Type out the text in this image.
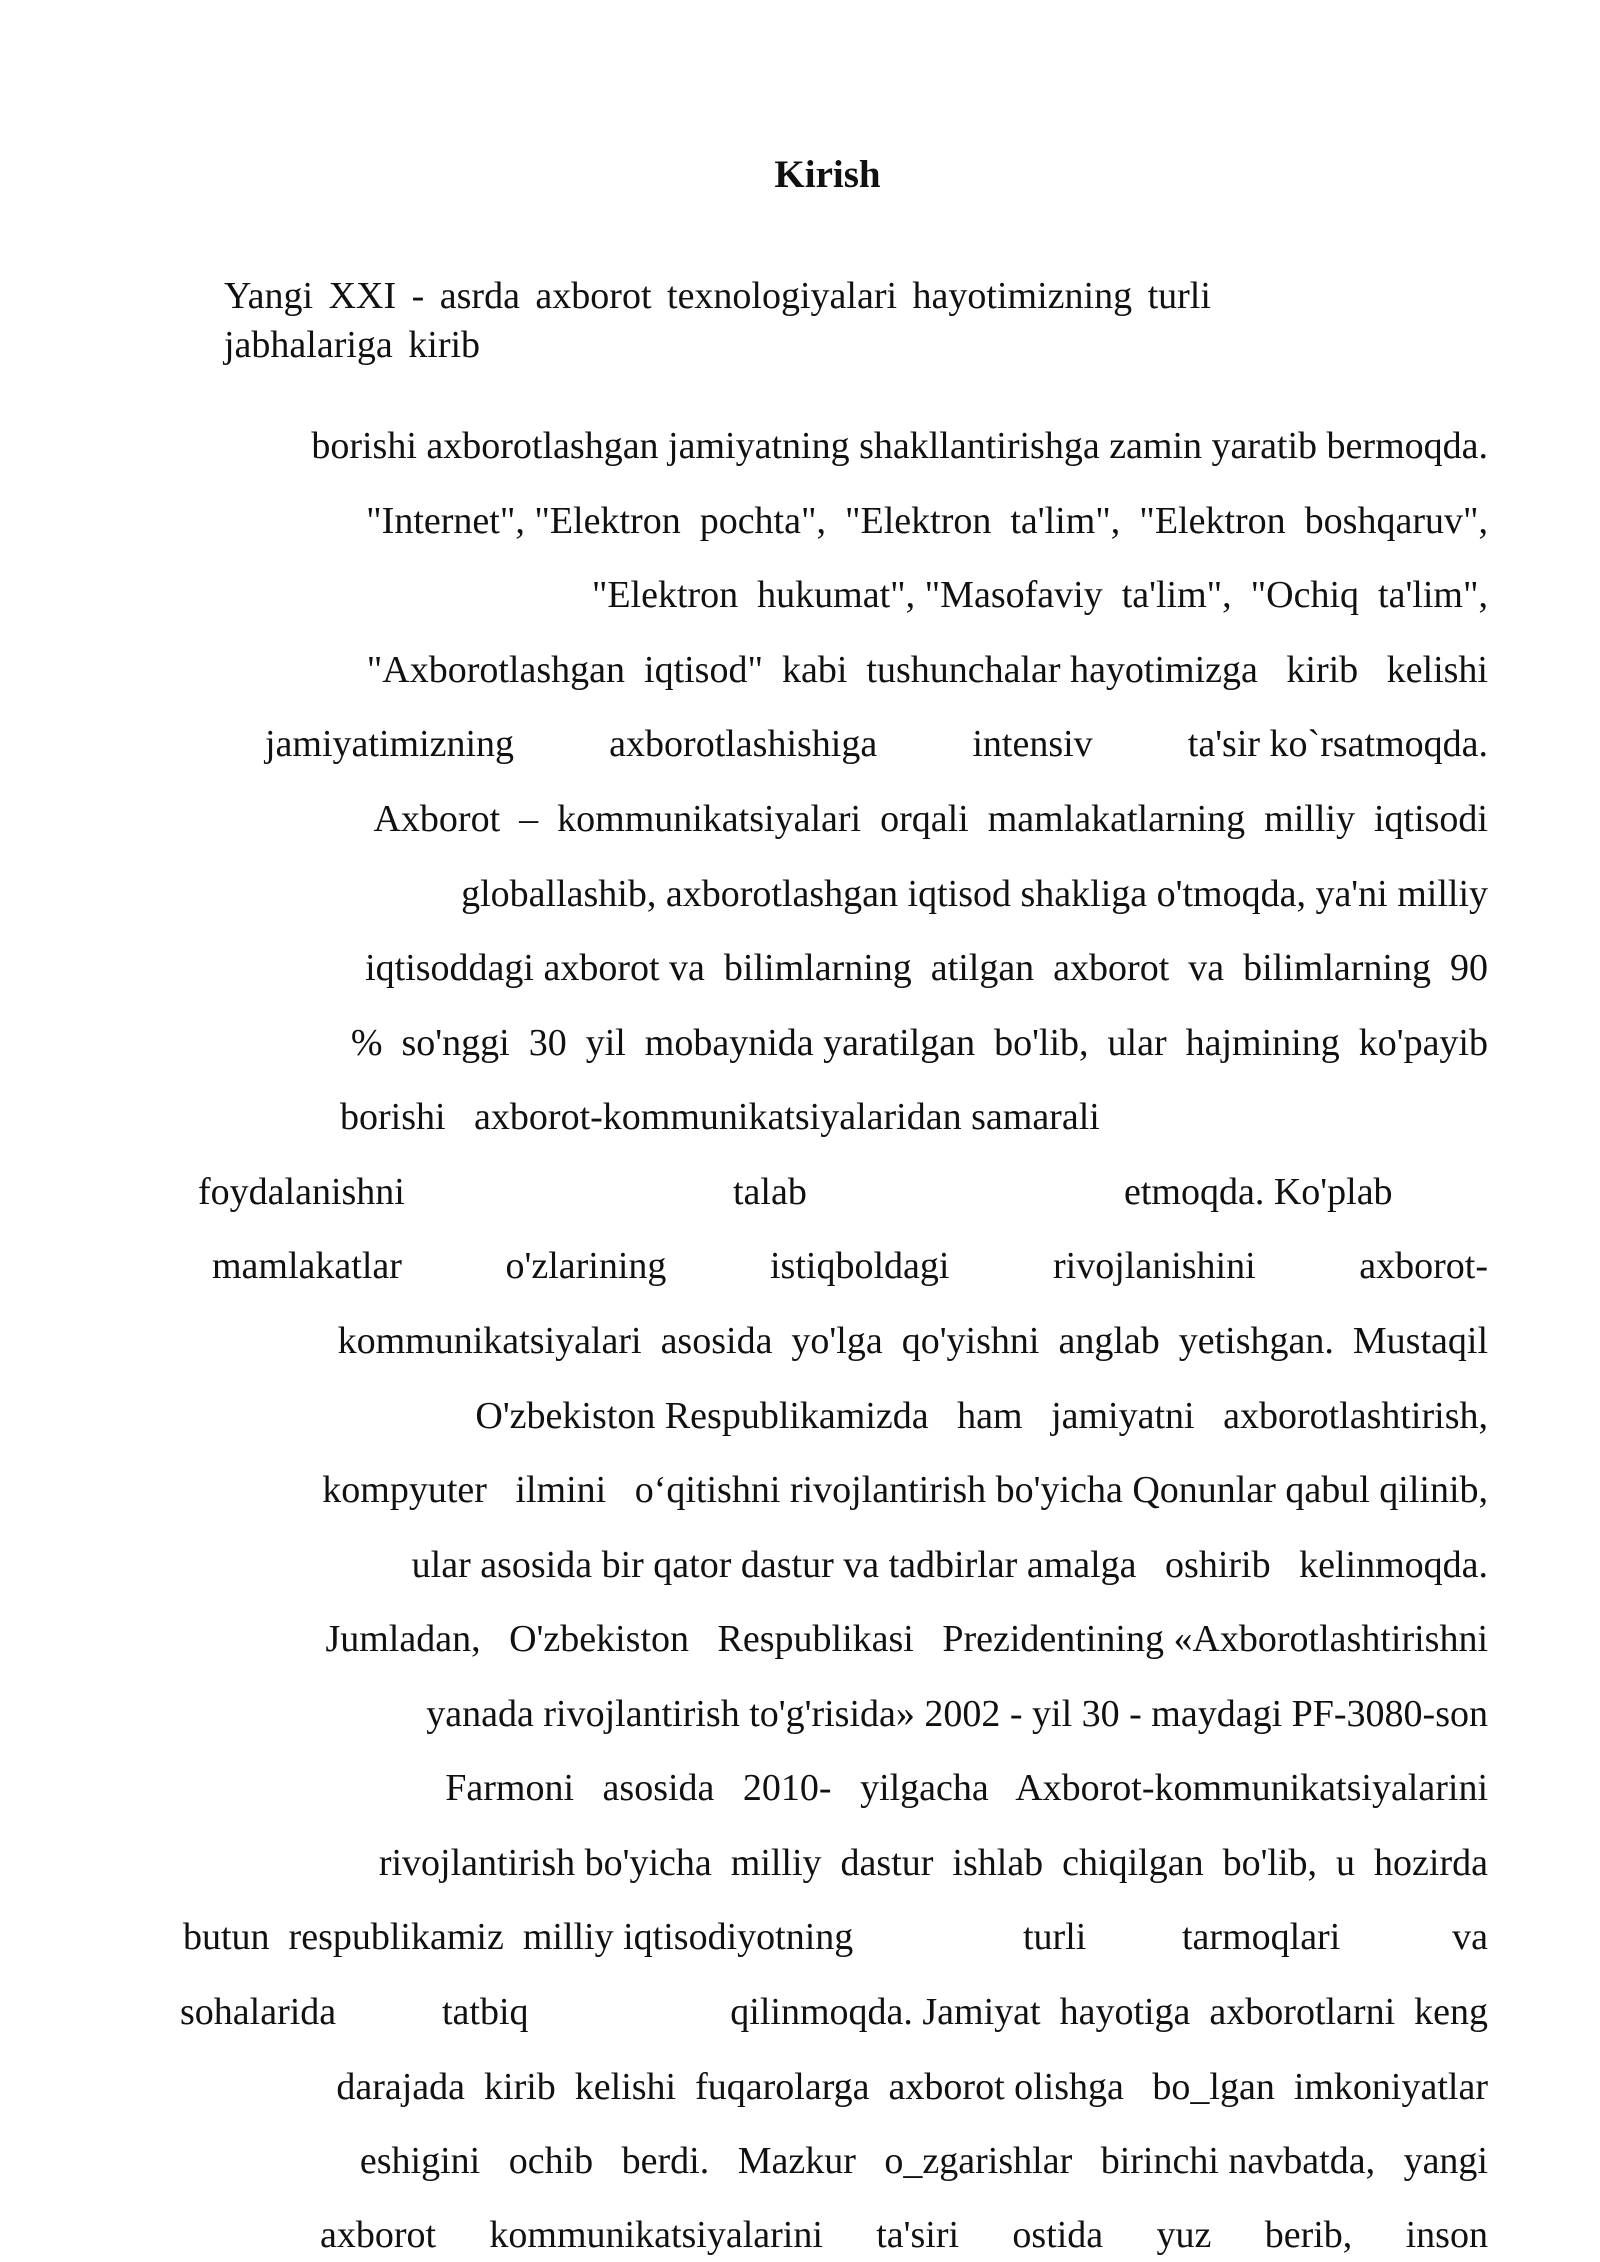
Kirish

Yangi XXI - asrda axborot texnologiyalari hayotimizning turli jabhalariga kirib

borishi axborotlashgan jamiyatning shakllantirishga zamin yaratib bermoqda.
"Internet", "Elektron  pochta",  "Elektron  ta'lim",  "Elektron  boshqaruv",
"Elektron  hukumat", "Masofaviy  ta'lim",  "Ochiq  ta'lim",
"Axborotlashgan  iqtisod"  kabi  tushunchalar hayotimizga   kirib   kelishi
jamiyatimizning	axborotlashishiga	intensiv	ta'sir ko`rsatmoqda.
Axborot  –  kommunikatsiyalari  orqali  mamlakatlarning  milliy  iqtisodi
globallashib, axborotlashgan iqtisod shakliga o'tmoqda, ya'ni milliy
iqtisoddagi axborot va  bilimlarning  atilgan  axborot  va  bilimlarning  90
%  so'nggi  30  yil  mobaynida yaratilgan  bo'lib,  ular  hajmining  ko'payib
borishi   axborot-kommunikatsiyalaridan samarali
foydalanishni	talab	etmoqda. Ko'plab
mamlakatlar	o'zlarining	istiqboldagi	rivojlanishini	axborot-
kommunikatsiyalari  asosida  yo'lga  qo'yishni  anglab  yetishgan.  Mustaqil
O'zbekiston Respublikamizda   ham   jamiyatni   axborotlashtirish,
kompyuter   ilmini   o‘qitishni rivojlantirish bo'yicha Qonunlar qabul qilinib,
ular asosida bir qator dastur va tadbirlar amalga   oshirib   kelinmoqda.
Jumladan,   O'zbekiston   Respublikasi   Prezidentining «Axborotlashtirishni
yanada rivojlantirish to'g'risida» 2002 - yil 30 - maydagi PF-3080-son
Farmoni   asosida   2010-   yilgacha   Axborot-kommunikatsiyalarini
rivojlantirish bo'yicha  milliy  dastur  ishlab  chiqilgan  bo'lib,  u  hozirda
butun  respublikamiz  milliy iqtisodiyotning	turli	tarmoqlari	va
sohalarida	tatbiq	qilinmoqda. Jamiyat  hayotiga  axborotlarni  keng
darajada  kirib  kelishi  fuqarolarga  axborot olishga   bo_lgan  imkoniyatlar
eshigini   ochib   berdi.   Mazkur   o_zgarishlar   birinchi navbatda,   yangi
axborot kommunikatsiyalarini ta'siri ostida yuz berib, inson
